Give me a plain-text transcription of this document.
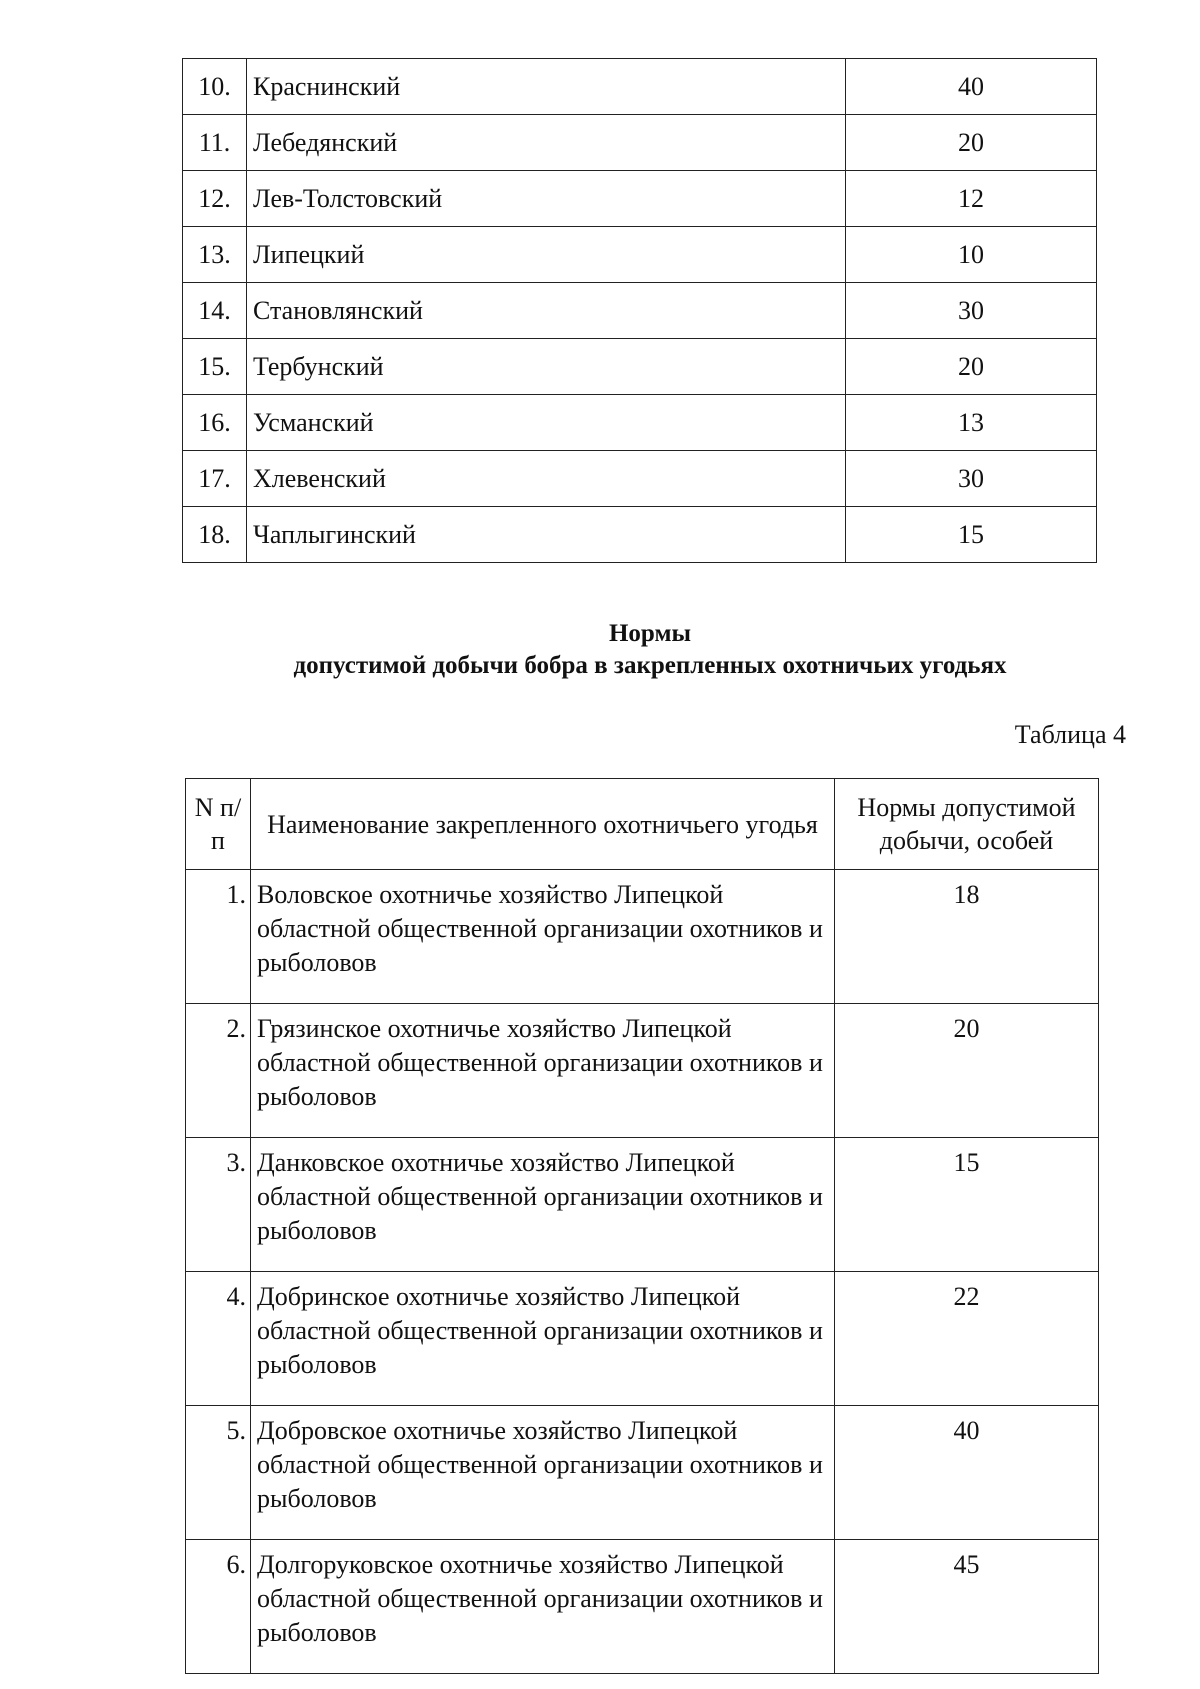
10.	Краснинский	40
11.	Лебедянский	20
12.	Лев-Толстовский	12
13.	Липецкий	10
14.	Становлянский	30
15.	Тербунский	20
16.	Усманский	13
17.	Хлевенский	30
18.	Чаплыгинский	15
Нормы
допустимой добычи бобра в закрепленных охотничьих угодьях
Таблица 4
N п/п	Наименование закрепленного охотничьего угодья	Нормы допустимой добычи, особей
1.	Воловское охотничье хозяйство Липецкой областной общественной организации охотников и рыболовов	18
2.	Грязинское охотничье хозяйство Липецкой областной общественной организации охотников и рыболовов	20
3.	Данковское охотничье хозяйство Липецкой областной общественной организации охотников и рыболовов	15
4.	Добринское охотничье хозяйство Липецкой областной общественной организации охотников и рыболовов	22
5.	Добровское охотничье хозяйство Липецкой областной общественной организации охотников и рыболовов	40
6.	Долгоруковское охотничье хозяйство Липецкой областной общественной организации охотников и рыболовов	45
